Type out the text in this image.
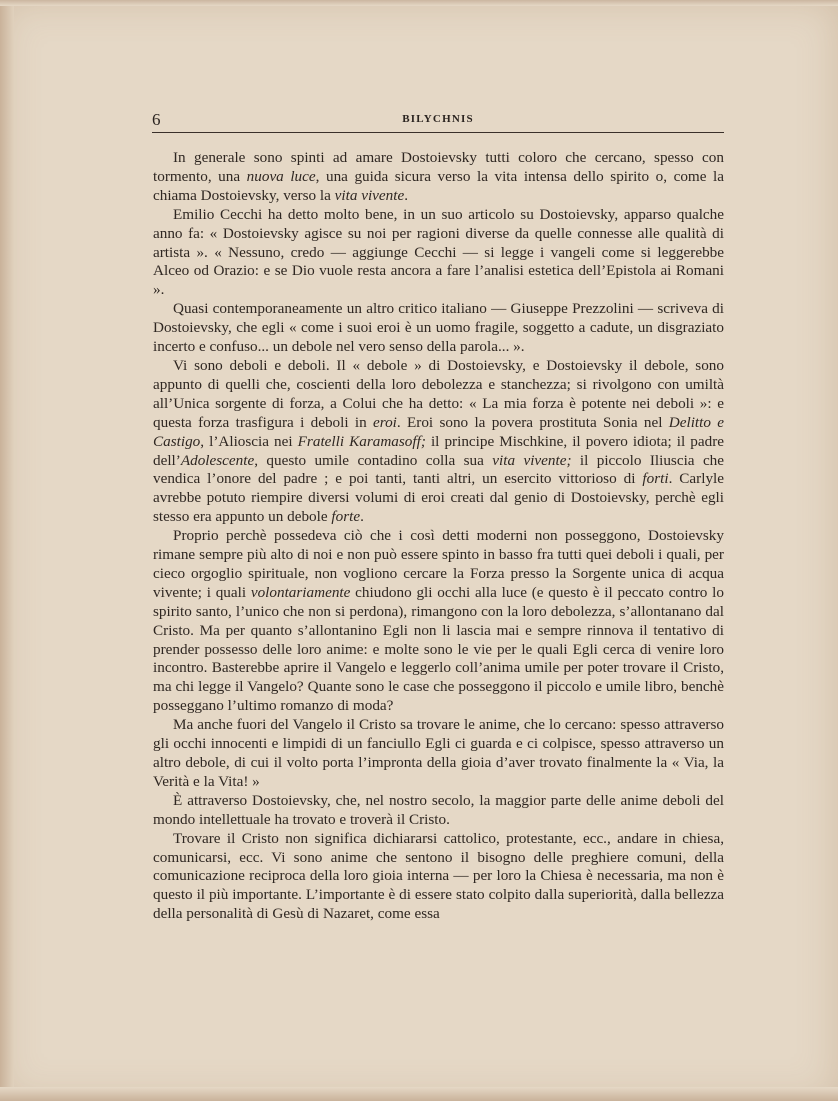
6	BILYCHNIS

In generale sono spinti ad amare Dostoievsky tutti coloro che cercano, spesso con tormento, una nuova luce, una guida sicura verso la vita intensa dello spirito o, come la chiama Dostoievsky, verso la vita vivente.

Emilio Cecchi ha detto molto bene, in un suo articolo su Dostoievsky, apparso qualche anno fa: « Dostoievsky agisce su noi per ragioni diverse da quelle connesse alle qualità di artista ». « Nessuno, credo — aggiunge Cecchi — si legge i vangeli come si leggerebbe Alceo od Orazio: e se Dio vuole resta ancora a fare l’analisi estetica dell’Epistola ai Romani ».

Quasi contemporaneamente un altro critico italiano — Giuseppe Prezzolini — scriveva di Dostoievsky, che egli « come i suoi eroi è un uomo fragile, soggetto a cadute, un disgraziato incerto e confuso... un debole nel vero senso della parola... ».

Vi sono deboli e deboli. Il « debole » di Dostoievsky, e Dostoievsky il debole, sono appunto di quelli che, coscienti della loro debolezza e stanchezza; si rivolgono con umiltà all’Unica sorgente di forza, a Colui che ha detto: « La mia forza è potente nei deboli »: e questa forza trasfigura i deboli in eroi. Eroi sono la povera prostituta Sonia nel Delitto e Castigo, l’Alioscia nei Fratelli Karamasoff; il principe Mischkine, il povero idiota; il padre dell’Adolescente, questo umile contadino colla sua vita vivente; il piccolo Iliuscia che vendica l’onore del padre ; e poi tanti, tanti altri, un esercito vittorioso di forti. Carlyle avrebbe potuto riempire diversi volumi di eroi creati dal genio di Dostoievsky, perchè egli stesso era appunto un debole forte.

Proprio perchè possedeva ciò che i così detti moderni non posseggono, Dostoievsky rimane sempre più alto di noi e non può essere spinto in basso fra tutti quei deboli i quali, per cieco orgoglio spirituale, non vogliono cercare la Forza presso la Sorgente unica di acqua vivente; i quali volontariamente chiudono gli occhi alla luce (e questo è il peccato contro lo spirito santo, l’unico che non si perdona), rimangono con la loro debolezza, s’allontanano dal Cristo. Ma per quanto s’allontanino Egli non li lascia mai e sempre rinnova il tentativo di prender possesso delle loro anime: e molte sono le vie per le quali Egli cerca di venire loro incontro. Basterebbe aprire il Vangelo e leggerlo coll’anima umile per poter trovare il Cristo, ma chi legge il Vangelo? Quante sono le case che posseggono il piccolo e umile libro, benchè posseggano l’ultimo romanzo di moda?

Ma anche fuori del Vangelo il Cristo sa trovare le anime, che lo cercano: spesso attraverso gli occhi innocenti e limpidi di un fanciullo Egli ci guarda e ci colpisce, spesso attraverso un altro debole, di cui il volto porta l’impronta della gioia d’aver trovato finalmente la « Via, la Verità e la Vita! »

È attraverso Dostoievsky, che, nel nostro secolo, la maggior parte delle anime deboli del mondo intellettuale ha trovato e troverà il Cristo.

Trovare il Cristo non significa dichiararsi cattolico, protestante, ecc., andare in chiesa, comunicarsi, ecc. Vi sono anime che sentono il bisogno delle preghiere comuni, della comunicazione reciproca della loro gioia interna — per loro la Chiesa è necessaria, ma non è questo il più importante. L’importante è di essere stato colpito dalla superiorità, dalla bellezza della personalità di Gesù di Nazaret, come essa
